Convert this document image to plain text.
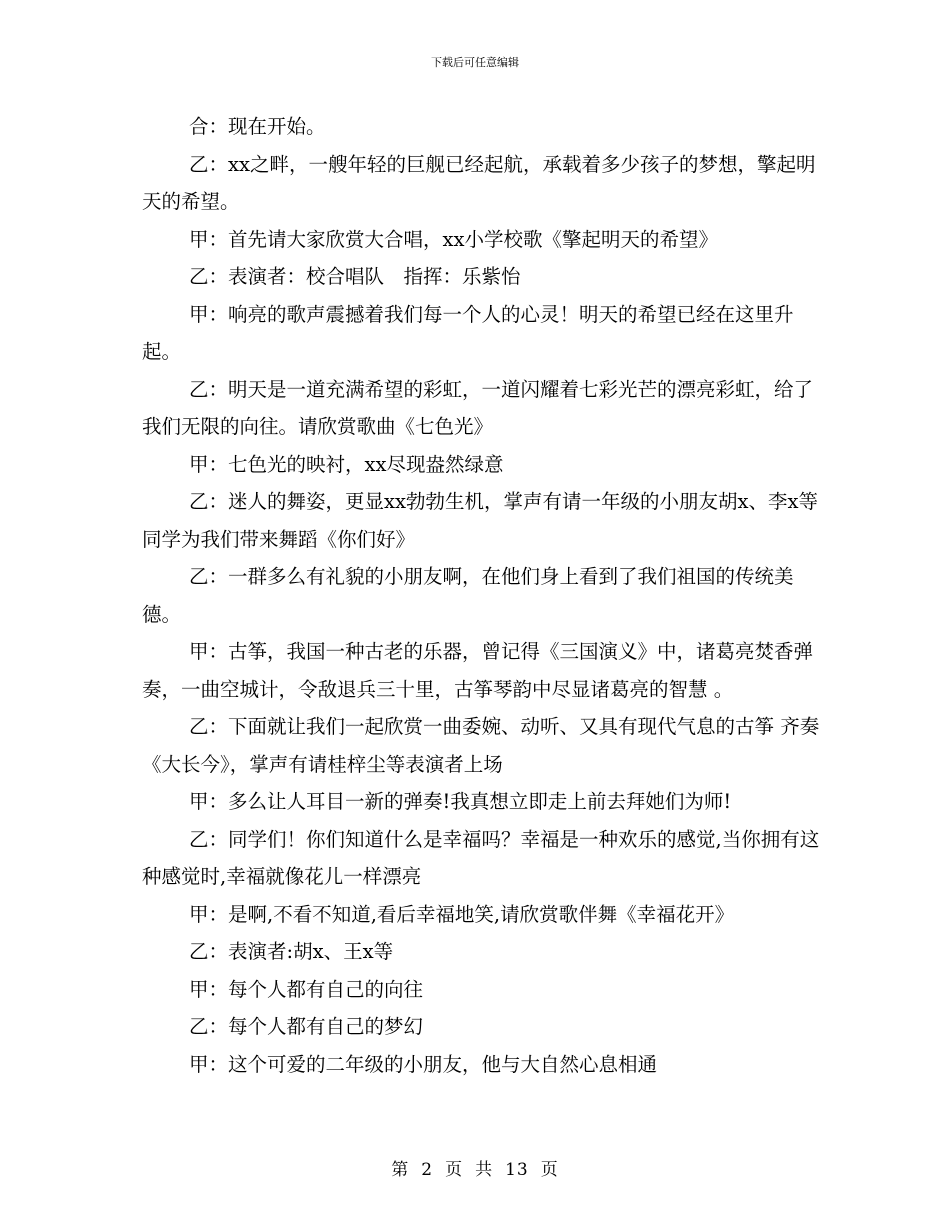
下载后可任意编辑

合：现在开始。

乙：xx之畔，一艘年轻的巨舰已经起航，承载着多少孩子的梦想，擎起明天的希望。

甲：首先请大家欣赏大合唱，xx小学校歌《擎起明天的希望》

乙：表演者：校合唱队　指挥：乐紫怡

甲：响亮的歌声震撼着我们每一个人的心灵！明天的希望已经在这里升起。

乙：明天是一道充满希望的彩虹，一道闪耀着七彩光芒的漂亮彩虹，给了我们无限的向往。请欣赏歌曲《七色光》

甲：七色光的映衬，xx尽现盎然绿意

乙：迷人的舞姿，更显xx勃勃生机，掌声有请一年级的小朋友胡x、李x等同学为我们带来舞蹈《你们好》

乙：一群多么有礼貌的小朋友啊，在他们身上看到了我们祖国的传统美德。

甲：古筝，我国一种古老的乐器，曾记得《三国演义》中，诸葛亮焚香弹奏，一曲空城计，令敌退兵三十里，古筝琴韵中尽显诸葛亮的智慧 。

乙：下面就让我们一起欣赏一曲委婉、动听、又具有现代气息的古筝 齐奏《大长今》，掌声有请桂梓尘等表演者上场

甲：多么让人耳目一新的弹奏!我真想立即走上前去拜她们为师!

乙：同学们！你们知道什么是幸福吗？幸福是一种欢乐的感觉,当你拥有这种感觉时,幸福就像花儿一样漂亮

甲：是啊,不看不知道,看后幸福地笑,请欣赏歌伴舞《幸福花开》

乙：表演者:胡x、王x等

甲：每个人都有自己的向往

乙：每个人都有自己的梦幻

甲：这个可爱的二年级的小朋友，他与大自然心息相通

第 2 页 共 13 页
